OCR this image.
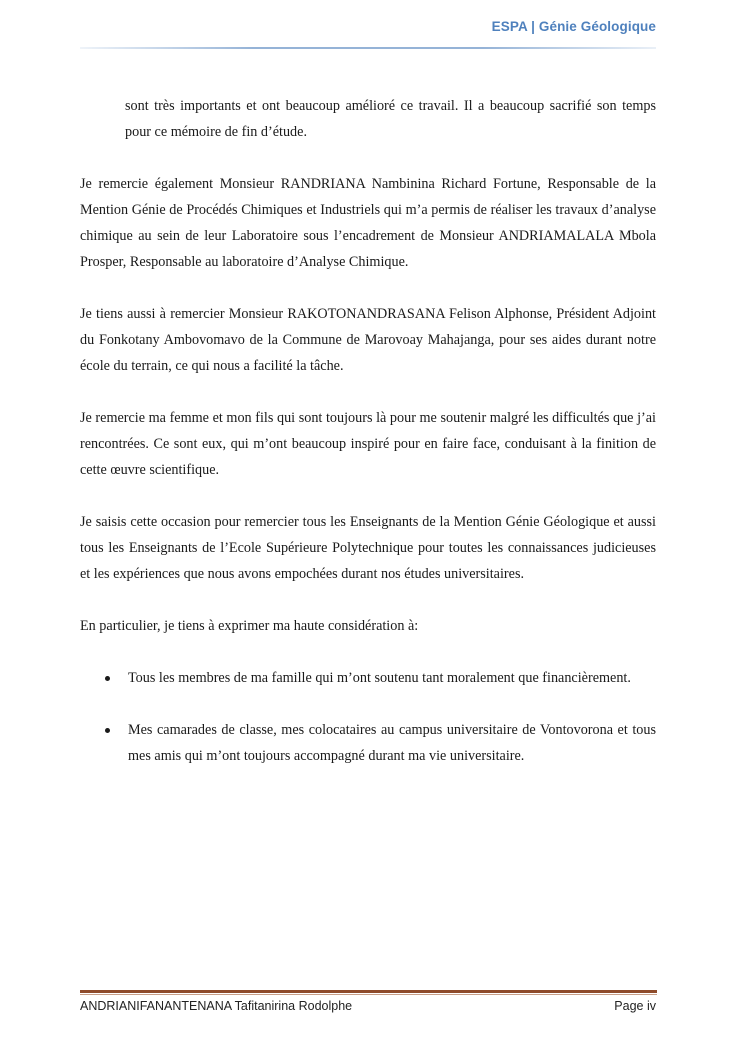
ESPA | Génie Géologique

sont très importants et ont beaucoup amélioré ce travail. Il a beaucoup sacrifié son temps pour ce mémoire de fin d’étude.

Je remercie également Monsieur RANDRIANA Nambinina Richard Fortune, Responsable de la Mention Génie de Procédés Chimiques et Industriels qui m’a permis de réaliser les travaux d’analyse chimique au sein de leur Laboratoire sous l’encadrement de Monsieur ANDRIAMALALA Mbola Prosper, Responsable au laboratoire d’Analyse Chimique.

Je tiens aussi à remercier Monsieur RAKOTONANDRASANA Felison Alphonse, Président Adjoint du Fonkotany Ambovomavo de la Commune de Marovoay Mahajanga, pour ses aides durant notre école du terrain, ce qui nous a facilité la tâche.

Je remercie ma femme et mon fils qui sont toujours là pour me soutenir malgré les difficultés que j’ai rencontrées. Ce sont eux, qui m’ont beaucoup inspiré pour en faire face, conduisant à la finition de cette œuvre scientifique.

Je saisis cette occasion pour remercier tous les Enseignants de la Mention Génie Géologique et aussi tous les Enseignants de l’Ecole Supérieure Polytechnique pour toutes les connaissances judicieuses et les expériences que nous avons empochées durant nos études universitaires.

En particulier, je tiens à exprimer ma haute considération à:

Tous les membres de ma famille qui m’ont soutenu tant moralement que financièrement.
Mes camarades de classe, mes colocataires au campus universitaire de Vontovorona et tous mes amis qui m’ont toujours accompagné durant ma vie universitaire.
ANDRIANIFANANTENANA Tafitanirina Rodolphe	Page iv
